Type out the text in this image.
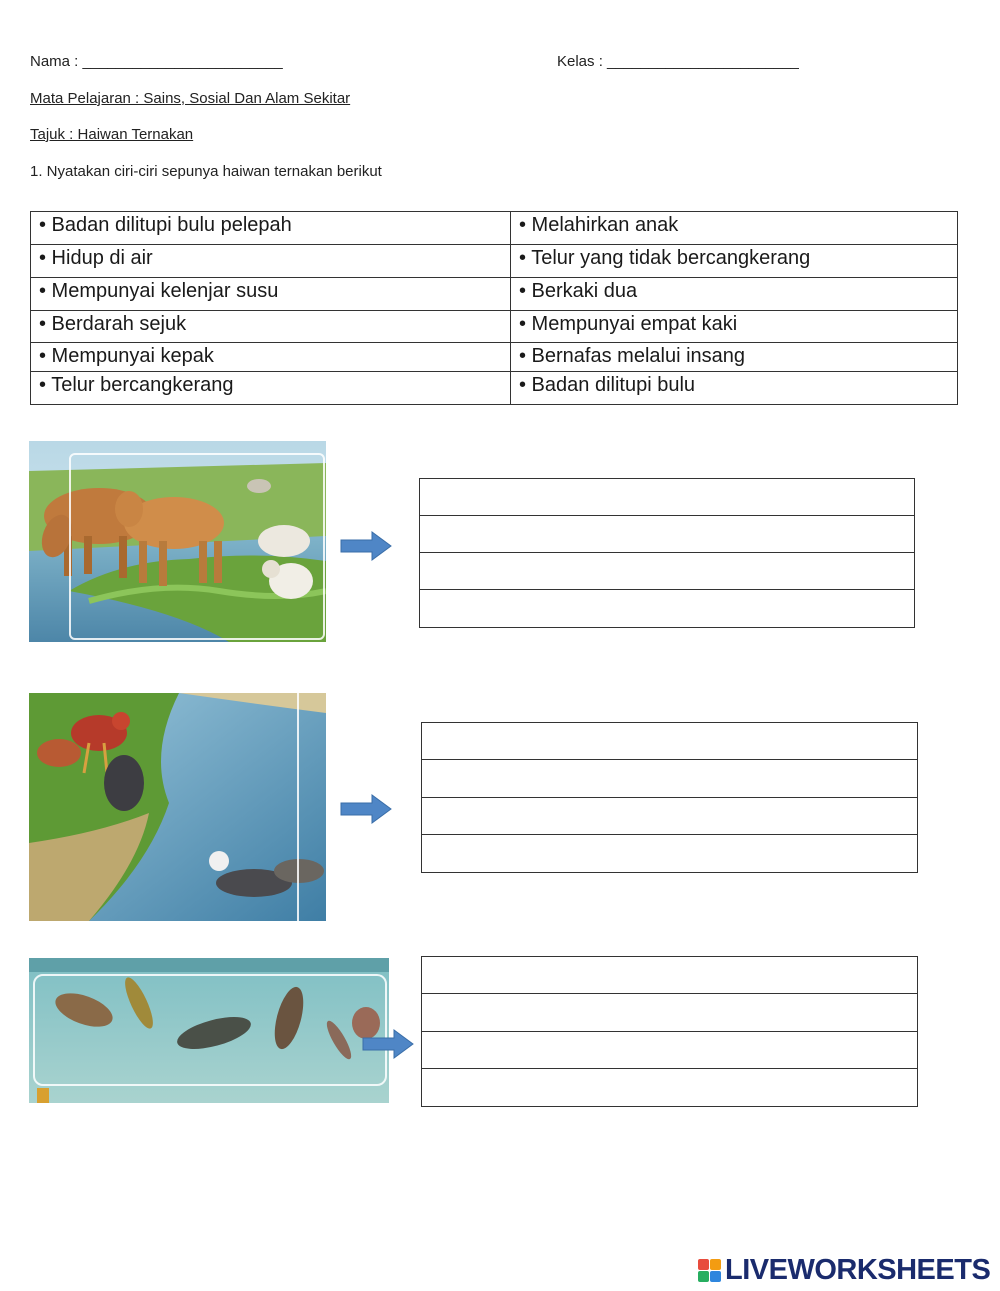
Nama : ________________________	Kelas : _______________________
Mata Pelajaran : Sains, Sosial Dan Alam Sekitar
Tajuk : Haiwan Ternakan
1. Nyatakan ciri-ciri sepunya haiwan ternakan berikut
• Badan dilitupi bulu pelepah	• Melahirkan anak
• Hidup di air	• Telur yang tidak bercangkerang
• Mempunyai kelenjar susu	• Berkaki dua
• Berdarah sejuk	• Mempunyai empat kaki
• Mempunyai kepak	• Bernafas melalui insang
• Telur bercangkerang	• Badan dilitupi bulu
LIVEWORKSHEETS
